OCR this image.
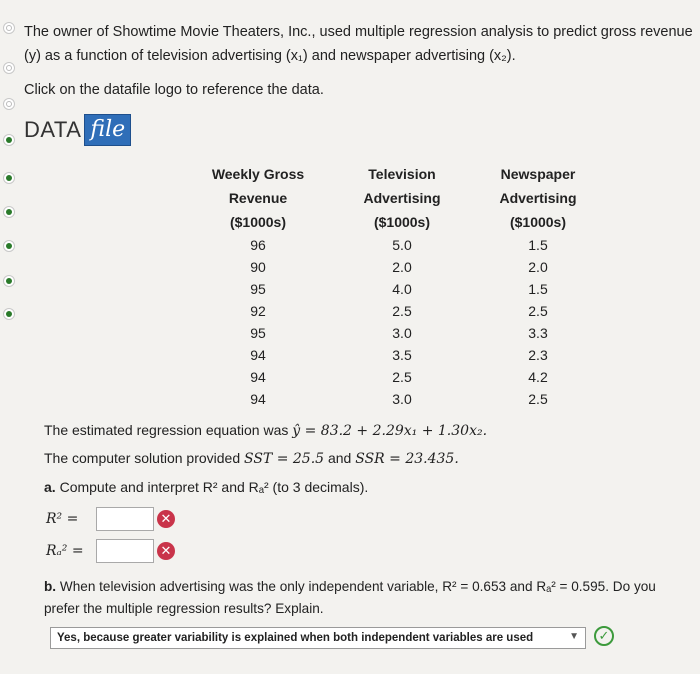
The owner of Showtime Movie Theaters, Inc., used multiple regression analysis to predict gross revenue (y) as a function of television advertising (x₁) and newspaper advertising (x₂).

Click on the datafile logo to reference the data.

DATA file
Weekly Gross	Television	Newspaper
Revenue	Advertising	Advertising
($1000s)	($1000s)	($1000s)
96	5.0	1.5
90	2.0	2.0
95	4.0	1.5
92	2.5	2.5
95	3.0	3.3
94	3.5	2.3
94	2.5	4.2
94	3.0	2.5
The estimated regression equation was ŷ = 83.2 + 2.29x₁ + 1.30x₂.
The computer solution provided SST = 25.5 and SSR = 23.435.
a. Compute and interpret R² and Rₐ² (to 3 decimals).
R² =	✕
Rₐ² =	✕
b. When television advertising was the only independent variable, R² = 0.653 and Rₐ² = 0.595. Do you prefer the multiple regression results? Explain.
Yes, because greater variability is explained when both independent variables are used	▼	✓
